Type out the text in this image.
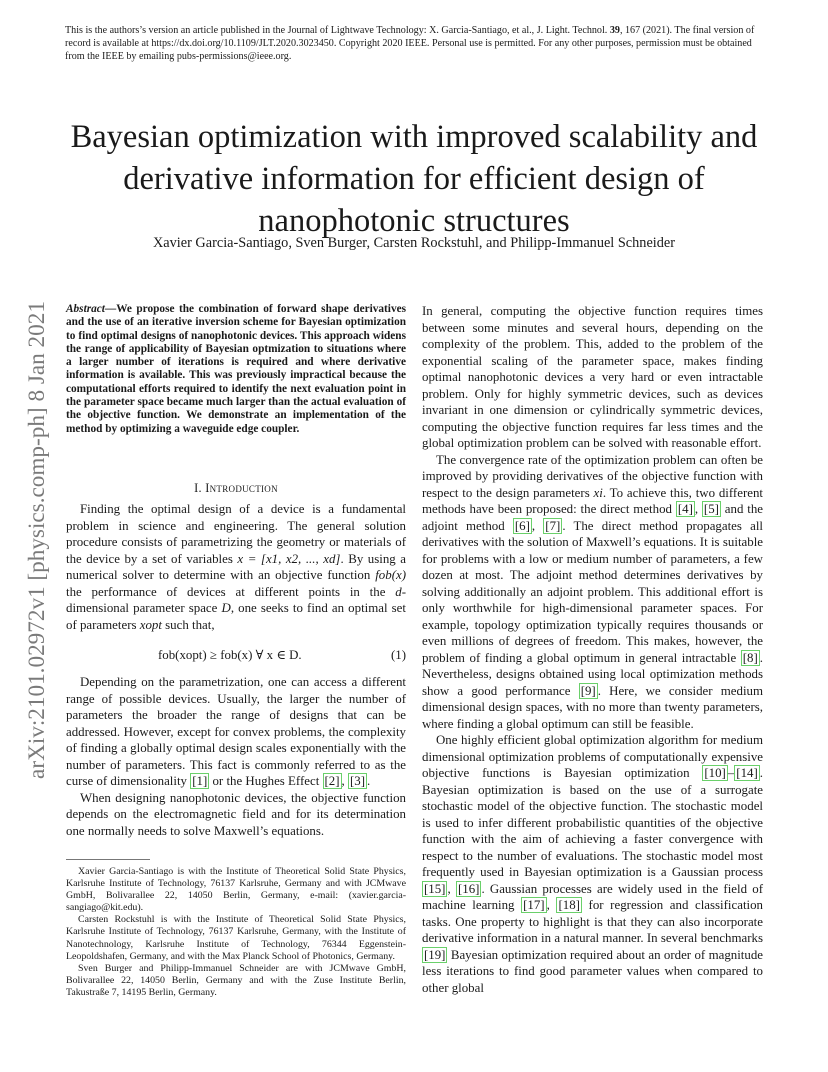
This is the authors’s version an article published in the Journal of Lightwave Technology: X. Garcia-Santiago, et al., J. Light. Technol. 39, 167 (2021). The final version of record is available at https://dx.doi.org/10.1109/JLT.2020.3023450. Copyright 2020 IEEE. Personal use is permitted. For any other purposes, permission must be obtained from the IEEE by emailing pubs-permissions@ieee.org.

Bayesian optimization with improved scalability and derivative information for efficient design of nanophotonic structures
Xavier Garcia-Santiago, Sven Burger, Carsten Rockstuhl, and Philipp-Immanuel Schneider
arXiv:2101.02972v1 [physics.comp-ph] 8 Jan 2021 Abstract—We propose the combination of forward shape derivatives and the use of an iterative inversion scheme for Bayesian optimization to find optimal designs of nanophotonic devices. This approach widens the range of applicability of Bayesian optmization to situations where a larger number of iterations is required and where derivative information is available. This was previously impractical because the computational efforts required to identify the next evaluation point in the parameter space became much larger than the actual evaluation of the objective function. We demonstrate an implementation of the method by optimizing a waveguide edge coupler.
I. Introduction

Finding the optimal design of a device is a fundamental problem in science and engineering. The general solution procedure consists of parametrizing the geometry or materials of the device by a set of variables x = [x1, x2, ..., xd]. By using a numerical solver to determine with an objective function fob(x) the performance of devices at different points in the d-dimensional parameter space D, one seeks to find an optimal set of parameters xopt such that,

fob(xopt) ≥ fob(x) ∀ x ∈ D.	(1)

Depending on the parametrization, one can access a different range of possible devices. Usually, the larger the number of parameters the broader the range of designs that can be addressed. However, except for convex problems, the complexity of finding a globally optimal design scales exponentially with the number of parameters. This fact is commonly referred to as the curse of dimensionality [1] or the Hughes Effect [2] , [3] .

When designing nanophotonic devices, the objective function depends on the electromagnetic field and for its determination one normally needs to solve Maxwell’s equations.

Xavier Garcia-Santiago is with the Institute of Theoretical Solid State Physics, Karlsruhe Institute of Technology, 76137 Karlsruhe, Germany and with JCMwave GmbH, Bolivarallee 22, 14050 Berlin, Germany, e-mail: (xavier.garcia-sangiago@kit.edu).

Carsten Rockstuhl is with the Institute of Theoretical Solid State Physics, Karlsruhe Institute of Technology, 76137 Karlsruhe, Germany, with the Institute of Nanotechnology, Karlsruhe Institute of Technology, 76344 Eggenstein-Leopoldshafen, Germany, and with the Max Planck School of Photonics, Germany.

Sven Burger and Philipp-Immanuel Schneider are with JCMwave GmbH, Bolivarallee 22, 14050 Berlin, Germany and with the Zuse Institute Berlin, Takustraße 7, 14195 Berlin, Germany.

In general, computing the objective function requires times between some minutes and several hours, depending on the complexity of the problem. This, added to the problem of the exponential scaling of the parameter space, makes finding optimal nanophotonic devices a very hard or even intractable problem. Only for highly symmetric devices, such as devices invariant in one dimension or cylindrically symmetric devices, computing the objective function requires far less times and the global optimization problem can be solved with reasonable effort.

The convergence rate of the optimization problem can often be improved by providing derivatives of the objective function with respect to the design parameters xi. To achieve this, two different methods have been proposed: the direct method [4] , [5] and the adjoint method [6] , [7] . The direct method propagates all derivatives with the solution of Maxwell’s equations. It is suitable for problems with a low or medium number of parameters, a few dozen at most. The adjoint method determines derivatives by solving additionally an adjoint problem. This additional effort is only worthwhile for high-dimensional parameter spaces. For example, topology optimization typically requires thousands or even millions of degrees of freedom. This makes, however, the problem of finding a global optimum in general intractable [8] . Nevertheless, designs obtained using local optimization methods show a good performance [9] . Here, we consider medium dimensional design spaces, with no more than twenty parameters, where finding a global optimum can still be feasible.

One highly efficient global optimization algorithm for medium dimensional optimization problems of computationally expensive objective functions is Bayesian optimization [10] – [14] . Bayesian optimization is based on the use of a surrogate stochastic model of the objective function. The stochastic model is used to infer different probabilistic quantities of the objective function with the aim of achieving a faster convergence with respect to the number of evaluations. The stochastic model most frequently used in Bayesian optimization is a Gaussian process [15] , [16] . Gaussian processes are widely used in the field of machine learning [17] , [18] for regression and classification tasks. One property to highlight is that they can also incorporate derivative information in a natural manner. In several benchmarks [19] Bayesian optimization required about an order of magnitude less iterations to find good parameter values when compared to other global
